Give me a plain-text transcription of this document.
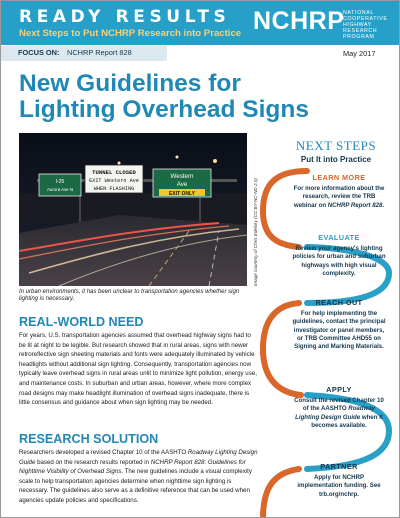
READY RESULTS
Next Steps to Put NCHRP Research into Practice NCHRP
NATIONAL
COOPERATIVE
HIGHWAY
RESEARCH
PROGRAM
FOCUS ON: NCHRP Report 828	May 2017
New Guidelines for
Lighting Overhead Signs
I-25
Aurora Ave N
TUNNEL CLOSED
EXIT Western Ave
WHEN FLASHING
Western
Ave
EXIT ONLY	Image courtesy of Chris Edelsky (CC BY-NC-ND 2.0)
In urban environments, it has been unclear to transportation agencies whether sign lighting is necessary.
REAL-WORLD NEED
For years, U.S. transportation agencies assumed that overhead highway signs had to be lit at night to be legible. But research showed that in rural areas, signs with newer retroreflective sign sheeting materials and fonts were adequately illuminated by vehicle headlights without additional sign lighting. Consequently, transportation agencies now typically leave overhead signs in rural areas unlit to minimize light pollution, energy use, and maintenance costs. In suburban and urban areas, however, where more complex road designs may make headlight illumination of overhead signs inadequate, there is little consensus and guidance about when sign lighting may be needed.
RESEARCH SOLUTION
Researchers developed a revised Chapter 10 of the AASHTO Roadway Lighting Design Guide based on the research results reported in NCHRP Report 828: Guidelines for Nighttime Visibility of Overhead Signs. The new guidelines include a visual complexity scale to help transportation agencies determine when nighttime sign lighting is necessary. The guidelines also serve as a definitive reference that can be used when agencies update policies and specifications.
NEXT STEPS
Put It into Practice
LEARN MORE
For more information about the research, review the TRB webinar on NCHRP Report 828.
EVALUATE
Review your agency's lighting policies for urban and suburban highways with high visual complexity.
REACH OUT
For help implementing the guidelines, contact the principal investigator or panel members, or TRB Committee AHD55 on Signing and Marking Materials.
APPLY
Consult the revised Chapter 10 of the AASHTO Roadway Lighting Design Guide when it becomes available.
PARTNER
Apply for NCHRP implementation funding. See trb.org/nchrp.
